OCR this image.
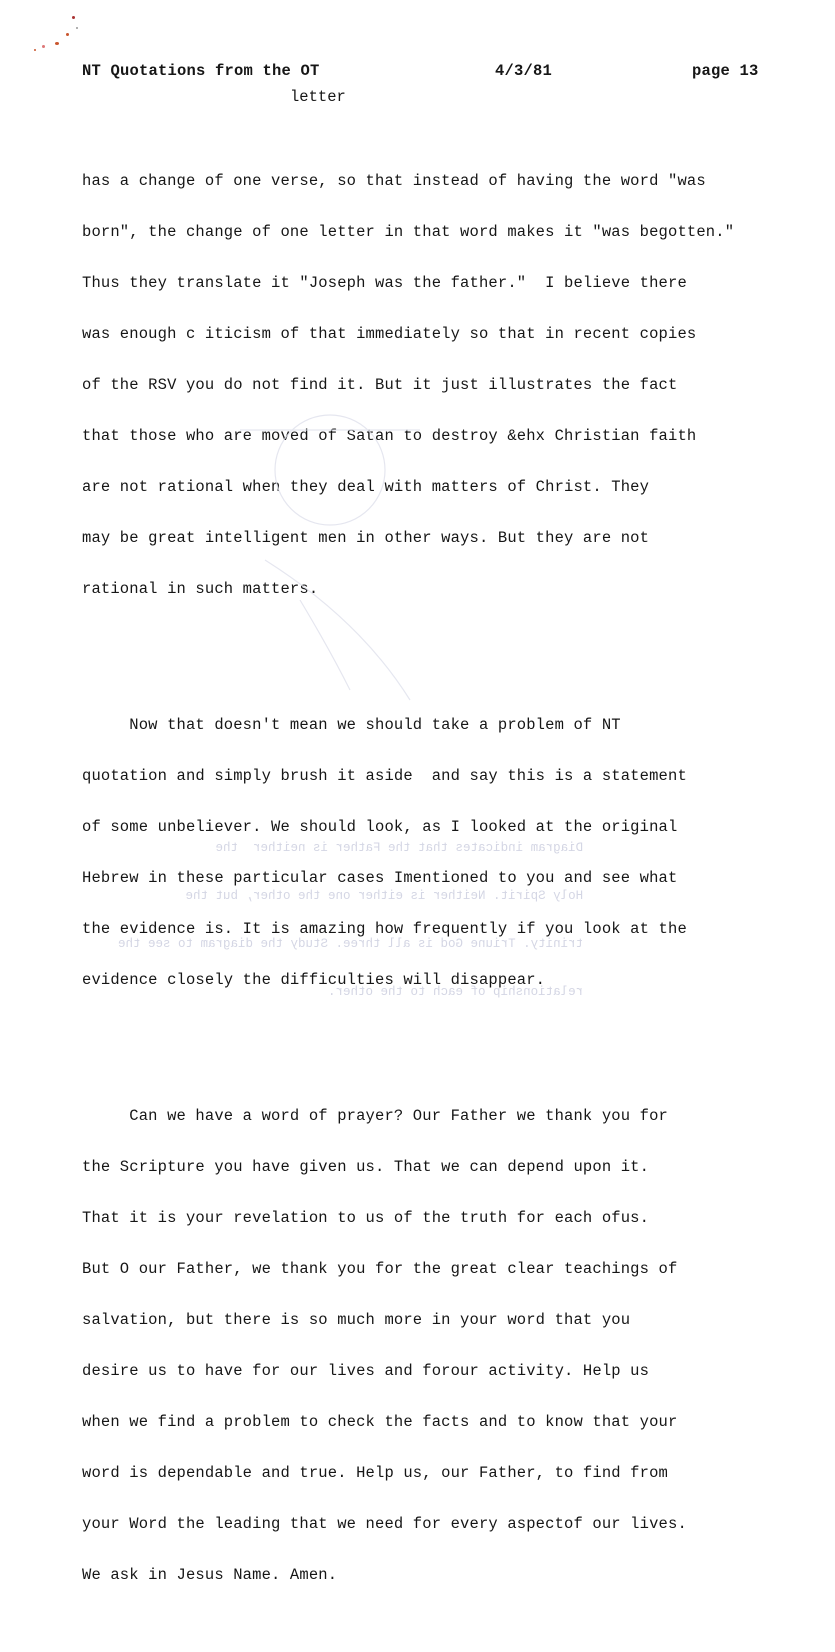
NT Quotations from the OT	4/3/81	page 13
letter

has a change of one verse, so that instead of having the word "was

born", the change of one letter in that word makes it "was begotten."

Thus they translate it "Joseph was the father."  I believe there

was enough c iticism of that immediately so that in recent copies

of the RSV you do not find it. But it just illustrates the fact

that those who are moved of Satan to destroy &ehx Christian faith

are not rational when they deal with matters of Christ. They

may be great intelligent men in other ways. But they are not

rational in such matters.

Now that doesn't mean we should take a problem of NT

quotation and simply brush it aside  and say this is a statement

of some unbeliever. We should look, as I looked at the original

Hebrew in these particular cases Imentioned to you and see what

the evidence is. It is amazing how frequently if you look at the

evidence closely the difficulties will disappear.

Can we have a word of prayer? Our Father we thank you for

the Scripture you have given us. That we can depend upon it.

That it is your revelation to us of the truth for each ofus.

But O our Father, we thank you for the great clear teachings of

salvation, but there is so much more in your word that you

desire us to have for our lives and forour activity. Help us

when we find a problem to check the facts and to know that your

word is dependable and true. Help us, our Father, to find from

your Word the leading that we need for every aspectof our lives.

We ask in Jesus Name. Amen.

Diagram indicates that the Father is neither  the

Holy Spirit. Neither is either one the other, but the

trinity. Triune God is all three. Study the diagram to see the

relationship of each to the other.
